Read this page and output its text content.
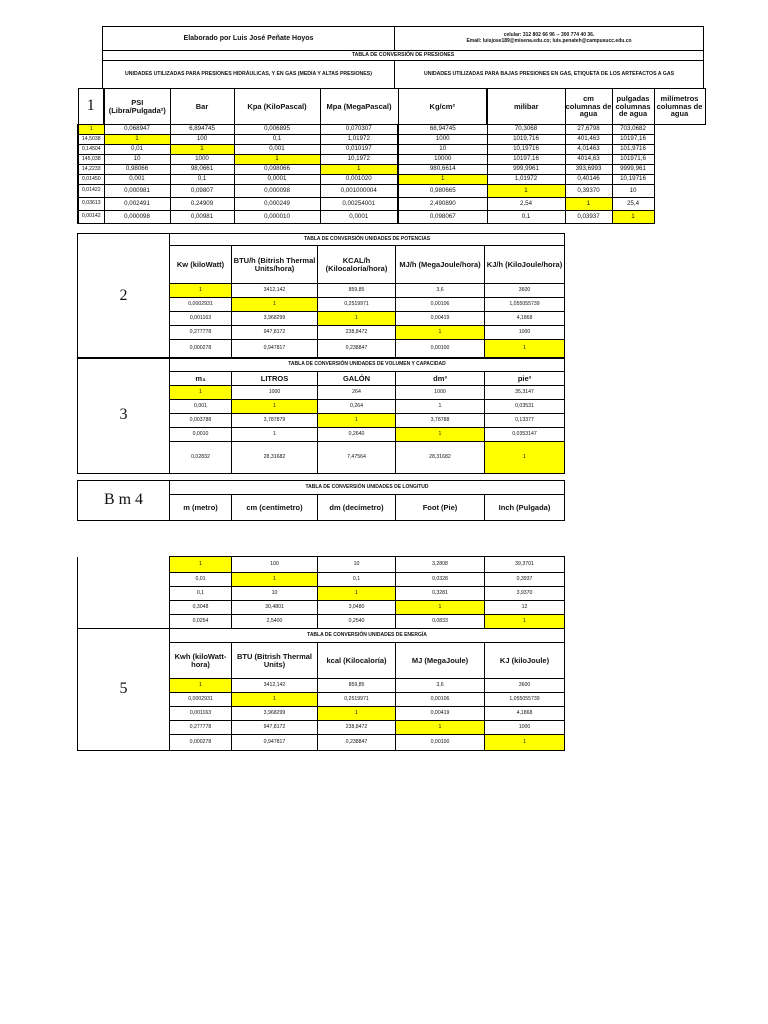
Elaborado por Luis José Peñate Hoyos	celular: 312 802 66 96 -- 300 774 40 36.
Email: luisjose189@misena.edu.co; luis.penateh@campusucc.edu.co

TABLA DE CONVERSIÓN DE PRESIONES	
UNIDADES UTILIZADAS PARA PRESIONES HIDRÁULICAS, Y EN GAS (MEDIA Y ALTAS PRESIONES)	UNIDADES UTILIZADAS PARA BAJAS PRESIONES EN GAS, ETIQUETA DE LOS ARTEFACTOS A GAS
1	PSI (Libra/Pulgada²)	Bar	Kpa (KiloPascal)	Mpa (MegaPascal)	Kg/cm²	milibar	cm columnas de agua	pulgadas columnas de agua	milímetros columnas de agua
1	0,068947	6,894745	0,006895	0,070307	68,94745	70,3068	27,6798	703,0682	
14,5038	1	100	0,1	1,01972	1000	1019,716	401,463	10197,16	
0,14504	0,01	1	0,001	0,010197	10	10,19716	4,01463	101,9716	
145,038	10	1000	1	10,1972	10000	10197,16	4014,63	101971,6	
14,2233	0,98066	98,0661	0,098066	1	980,6614	999,9961	393,6993	9999,961	
0,01450	0,001	0,1	0,0001	0,001020	1	1,01972	0,40146	10,19716	
0,01422	0,000981	0,09807	0,000098	0,001000004	0,980665	1	0,39370	10	
0,03613	0,002491	0,24909	0,000249	0,00254001	2,490890	2,54	1	25,4	
0,00142	0,000098	0,00981	0,000010	0,0001	0,098067	0,1	0,03937	1	
2	TABLA DE CONVERSIÓN UNIDADES DE POTENCIAS				
	Kw (kiloWatt)	BTU/h (Bitrish Thermal Units/hora)	KCAL/h (Kilocaloría/hora)	MJ/h (MegaJoule/hora)	KJ/h (KiloJoule/hora)
	1	3412,142	859,85	3,6	3600
	0,0002931	1	0,2519971	0,00106	1,055055739
	0,001163	3,968299	1	0,00419	4,1868
	0,277778	947,8172	238,8472	1	1000
	0,000278	0,947817	0,238847	0,00100	1
3	TABLA DE CONVERSIÓN UNIDADES DE VOLUMEN Y CAPACIDAD				
	m₃	LITROS	GALÓN	dm³	pie³
	1	1000	264	1000	35,3147
	0,001	1	0,264	1	0,03531
	0,003788	3,787879	1	3,78788	0,13377
	0,0010	1	0,2640	1	0,0353147
	0,02832	28,31682	7,47564	28,31682	1
B m 4	TABLA DE CONVERSIÓN UNIDADES DE LONGITUD				
	m (metro)	cm (centímetro)	dm (decímetro)	Foot (Pie)	Inch (Pulgada)
	1	100	10	3,2808	39,3701
	0,01	1	0,1	0,0328	0,3937
	0,1	10	1	0,3281	3,9370
	0,3048	30,4801	3,0480	1	12
	0,0254	2,5400	0,2540	0,0833	1
5	TABLA DE CONVERSIÓN UNIDADES DE ENERGÍA				
	Kwh (kiloWatt-hora)	BTU (Bitrish Thermal Units)	kcal (Kilocaloría)	MJ (MegaJoule)	KJ (kiloJoule)
	1	3412,142	859,85	3,6	3600
	0,0002931	1	0,2519971	0,00106	1,055055739
	0,001163	3,968299	1	0,00419	4,1868
	0,277778	947,8172	238,8472	1	1000
	0,000278	0,947817	0,238847	0,00100	1
